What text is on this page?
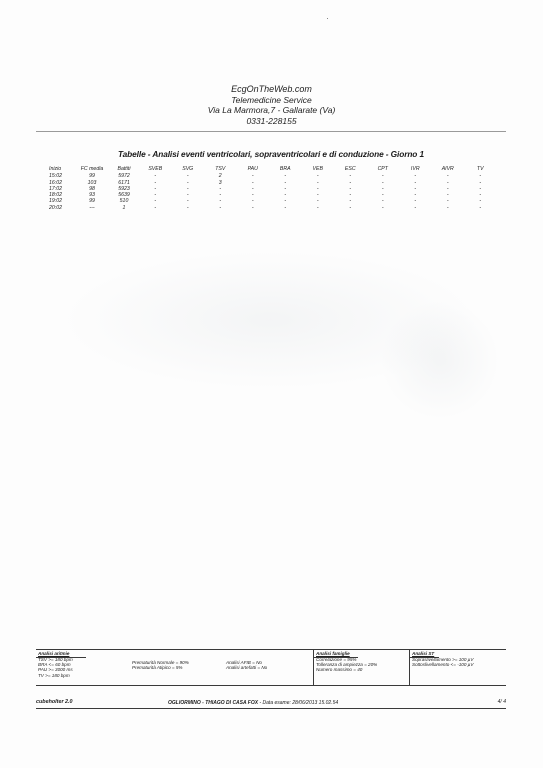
EcgOnTheWeb.com
Telemedicine Service
Via La Marmora,7 - Gallarate (Va)
0331-228155
Tabelle - Analisi eventi ventricolari, sopraventricolari e di conduzione - Giorno 1
Inizio	FC media	Battiti	SVEB	SVG	TSV	PAU	BRA	VEB	ESC	CPT	IVR	AIVR	TV
15:02	99	5972	-	-	2	-	-	-	-	-	-	-	-
16:02	103	6171	-	-	3	-	-	-	-	-	-	-	-
17:02	98	5923	-	-	-	-	-	-	-	-	-	-	-
18:02	93	5639	-	-	-	-	-	-	-	-	-	-	-
19:02	99	510	-	-	-	-	-	-	-	-	-	-	-
20:02	---	1	-	-	-	-	-	-	-	-	-	-	-
Analisi aritmie
TSV >= 180 bpm
BRA <= 60 bpm
PAU >= 3000 ms
TV >= 180 bpm
Prematurità Normale = 90%
Prematurità Atipico = 5%
Analisi AFIB = No
Analisi artefatti = No
Analisi famiglie
Correlazione = 95%
Tolleranza di ampiezza = 20%
Numero massimo = 40
Analisi ST
Sopraslivellamento >= 100 µV
Sottoslivellamento <= -100 µV
cubeholter 2.0	OGLIORMINO - THIAGO DI CASA FOX - Data esame: 28/06/2013 15.02.54	4/ 4
